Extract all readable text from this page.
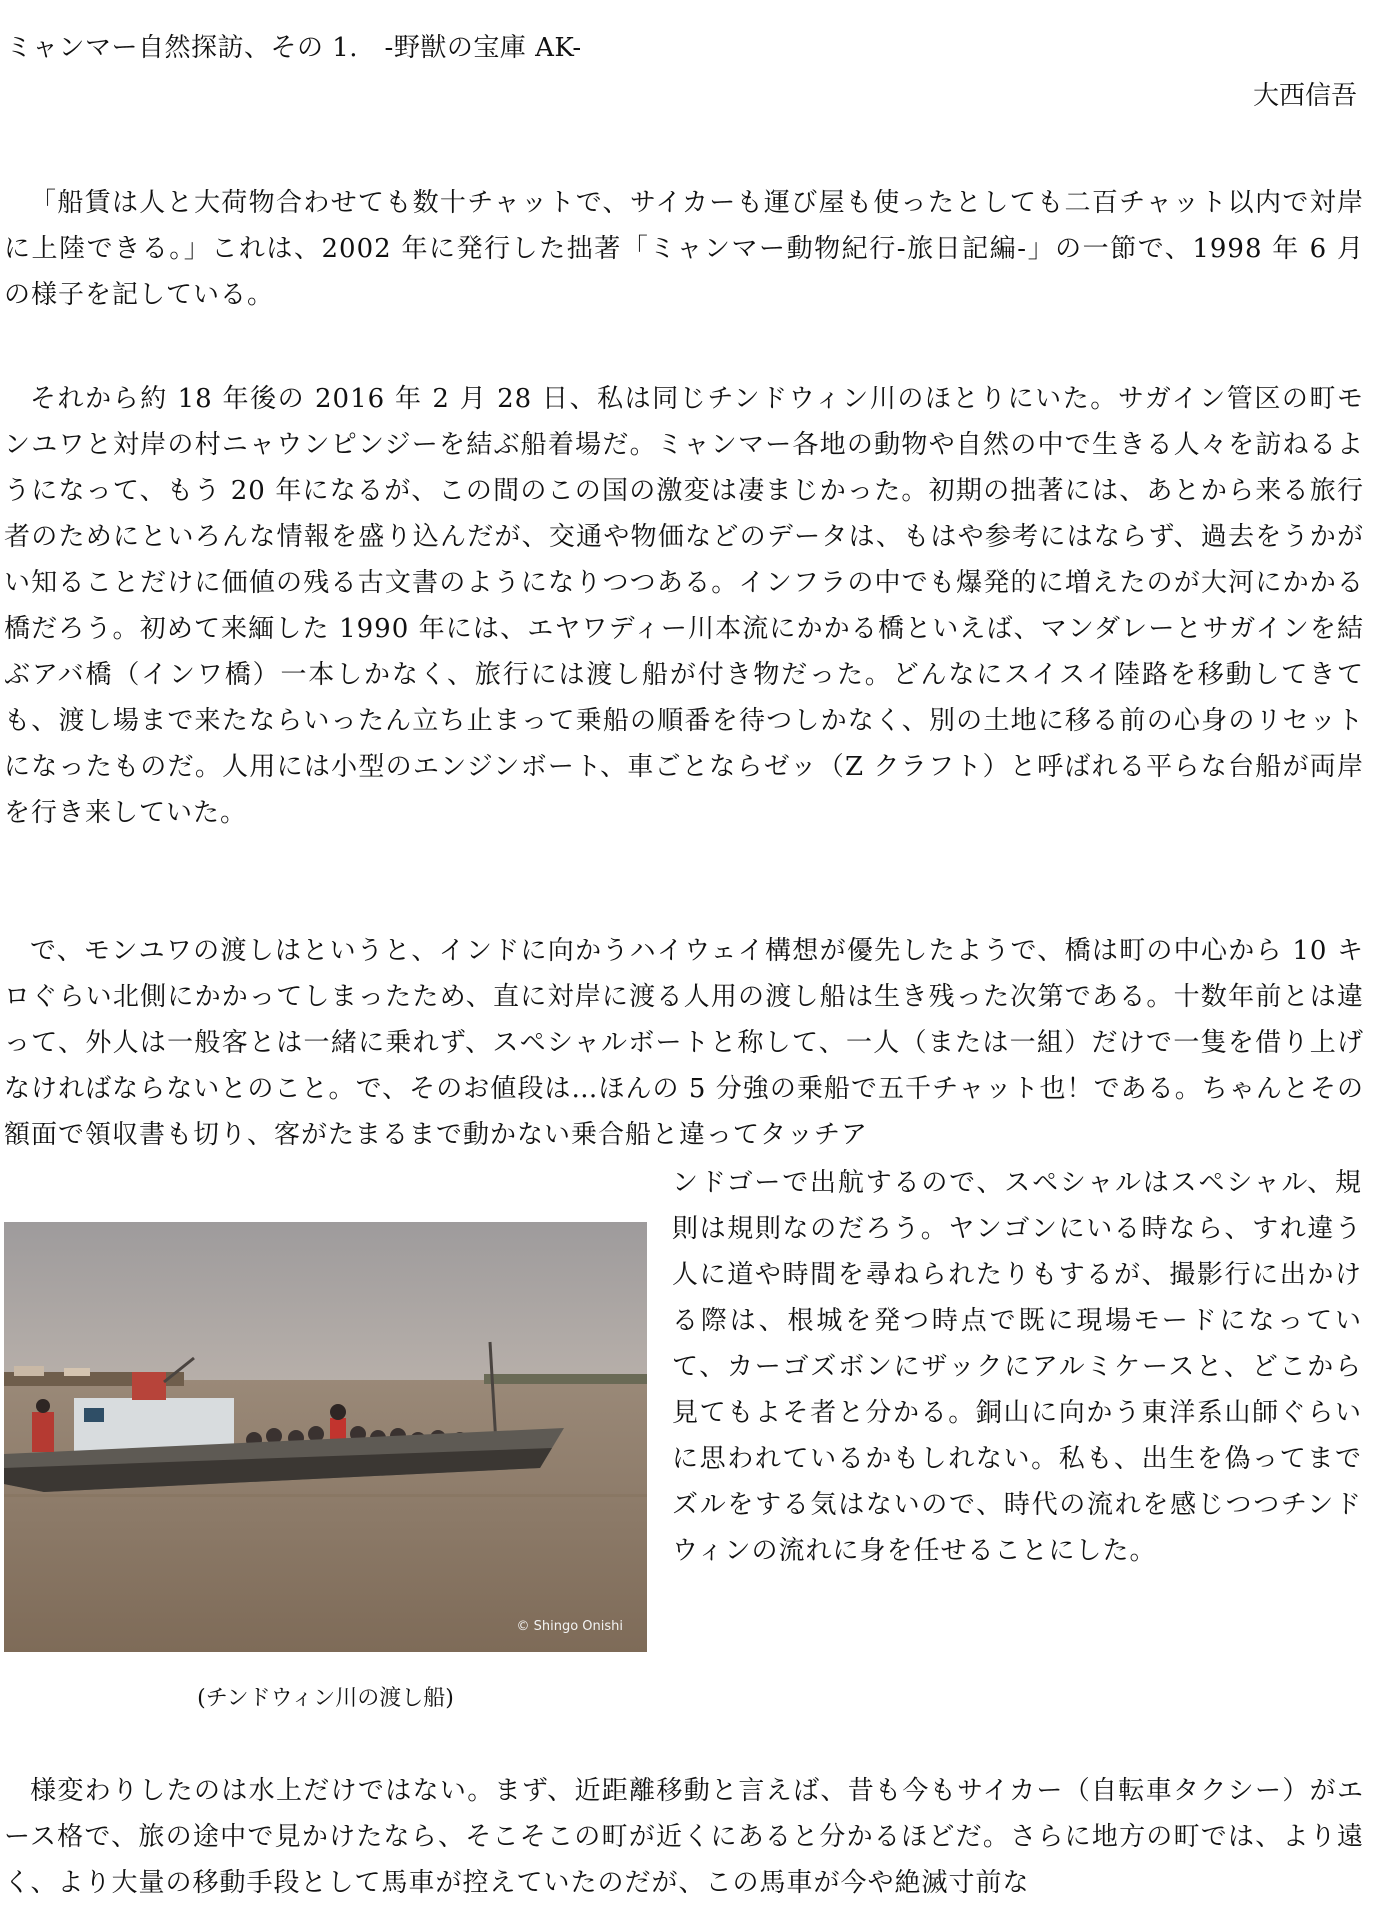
ミャンマー自然探訪、その 1.　-野獣の宝庫 AK-
大西信吾

「船賃は人と大荷物合わせても数十チャットで、サイカーも運び屋も使ったとしても二百チャット以内で対岸に上陸できる。」これは、2002 年に発行した拙著「ミャンマー動物紀行-旅日記編-」の一節で、1998 年 6 月の様子を記している。

それから約 18 年後の 2016 年 2 月 28 日、私は同じチンドウィン川のほとりにいた。サガイン管区の町モンユワと対岸の村ニャウンピンジーを結ぶ船着場だ。ミャンマー各地の動物や自然の中で生きる人々を訪ねるようになって、もう 20 年になるが、この間のこの国の激変は凄まじかった。初期の拙著には、あとから来る旅行者のためにといろんな情報を盛り込んだが、交通や物価などのデータは、もはや参考にはならず、過去をうかがい知ることだけに価値の残る古文書のようになりつつある。インフラの中でも爆発的に増えたのが大河にかかる橋だろう。初めて来緬した 1990 年には、エヤワディー川本流にかかる橋といえば、マンダレーとサガインを結ぶアバ橋（インワ橋）一本しかなく、旅行には渡し船が付き物だった。どんなにスイスイ陸路を移動してきても、渡し場まで来たならいったん立ち止まって乗船の順番を待つしかなく、別の土地に移る前の心身のリセットになったものだ。人用には小型のエンジンボート、車ごとならゼッ（Z クラフト）と呼ばれる平らな台船が両岸を行き来していた。

で、モンユワの渡しはというと、インドに向かうハイウェイ構想が優先したようで、橋は町の中心から 10 キロぐらい北側にかかってしまったため、直に対岸に渡る人用の渡し船は生き残った次第である。十数年前とは違って、外人は一般客とは一緒に乗れず、スペシャルボートと称して、一人（または一組）だけで一隻を借り上げなければならないとのこと。で、そのお値段は…ほんの 5 分強の乗船で五千チャット也！である。ちゃんとその額面で領収書も切り、客がたまるまで動かない乗合船と違ってタッチア

ンドゴーで出航するので、スペシャルはスペシャル、規則は規則なのだろう。ヤンゴンにいる時なら、すれ違う人に道や時間を尋ねられたりもするが、撮影行に出かける際は、根城を発つ時点で既に現場モードになっていて、カーゴズボンにザックにアルミケースと、どこから見てもよそ者と分かる。銅山に向かう東洋系山師ぐらいに思われているかもしれない。私も、出生を偽ってまでズルをする気はないので、時代の流れを感じつつチンドウィンの流れに身を任せることにした。

© Shingo Onishi
(チンドウィン川の渡し船)

様変わりしたのは水上だけではない。まず、近距離移動と言えば、昔も今もサイカー（自転車タクシー）がエース格で、旅の途中で見かけたなら、そこそこの町が近くにあると分かるほどだ。さらに地方の町では、より遠く、より大量の移動手段として馬車が控えていたのだが、この馬車が今や絶滅寸前な
